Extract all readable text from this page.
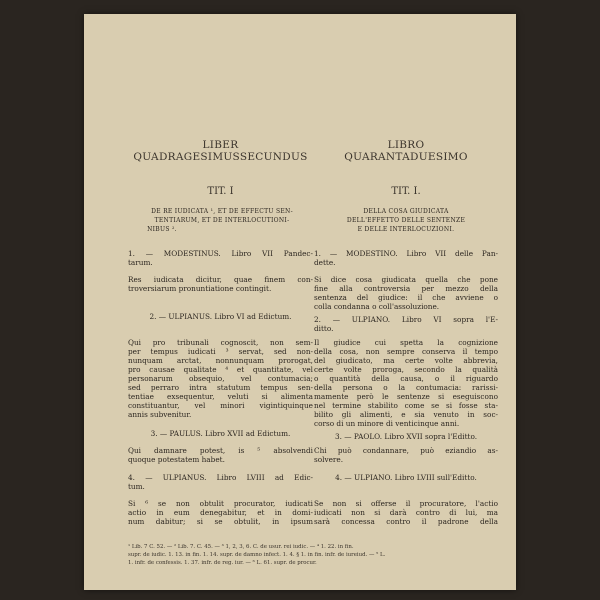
LIBER
QUADRAGESIMUSSECUNDUS
TIT. I
DE RE IUDICATA ¹, ET DE EFFECTU SEN-
TENTIARUM, ET DE INTERLOCUTIONI-
NIBUS ².
1. — MODESTINUS. Libro VII Pandec-
tarum.
Res iudicata dicitur, quae finem con-
troversiarum pronuntiatione contingit.
2. — ULPIANUS. Libro VI ad Edictum.
Qui pro tribunali cognoscit, non sem-
per tempus iudicati ³ servat, sed non-
nunquam arctat, nonnunquam prorogat,
pro causae qualitate ⁴ et quantitate, vel
personarum obsequio, vel contumacia;
sed perraro intra statutum tempus sen-
tentiae exsequentur, veluti si alimenta
constituantur, vel minori vigintiquinque
annis subvenitur.
3. — PAULUS. Libro XVII ad Edictum.
Qui damnare potest, is ⁵ absolvendi
quoque potestatem habet.
4. — ULPIANUS. Libro LVIII ad Edic-
tum.
Si ⁶ se non obtulit procurator, iudicati
actio in eum denegabitur, et in domi-
num dabitur; si se obtulit, in ipsum
LIBRO
QUARANTADUESIMO
TIT. I.
DELLA COSA GIUDICATA
DELL'EFFETTO DELLE SENTENZE
E DELLE INTERLOCUZIONI.
1. — MODESTINO. Libro VII delle Pan-
dette.
Si dice cosa giudicata quella che pone
fine alla controversia per mezzo della
sentenza del giudice: il che avviene o
colla condanna o coll'assoluzione.
2. — ULPIANO. Libro VI sopra l'E-
ditto.
Il giudice cui spetta la cognizione
della cosa, non sempre conserva il tempo
del giudicato, ma certe volte abbrevia,
certe volte proroga, secondo la qualità
o quantità della causa, o il riguardo
della persona o la contumacia: rarissi-
mamente però le sentenze si eseguiscono
nel termine stabilito come se si fosse sta-
bilito gli alimenti, e sia venuto in soc-
corso di un minore di venticinque anni.
3. — PAOLO. Libro XVII sopra l'Editto.
Chi può condannare, può eziandio as-
solvere.
4. — ULPIANO. Libro LVIII sull'Editto.
Se non si offerse il procuratore, l'actio
iudicati non si darà contro di lui, ma
sarà concessa contro il padrone della
¹ Lib. 7 C. 52. — ² Lib. 7. C. 45. — ³ 1, 2, 3, 6. C. de usur. rei iudic. — ⁴ 1. 22. in fin.
supr. de iudic. 1. 13. in fin. 1. 14. supr. de damno infect. 1. 4. § 1. in fin. infr. de iureiud. — ⁵ L.
1. infr. de confessis. 1. 37. infr. de reg. iur. — ⁶ L. 61. supr. de procur.
